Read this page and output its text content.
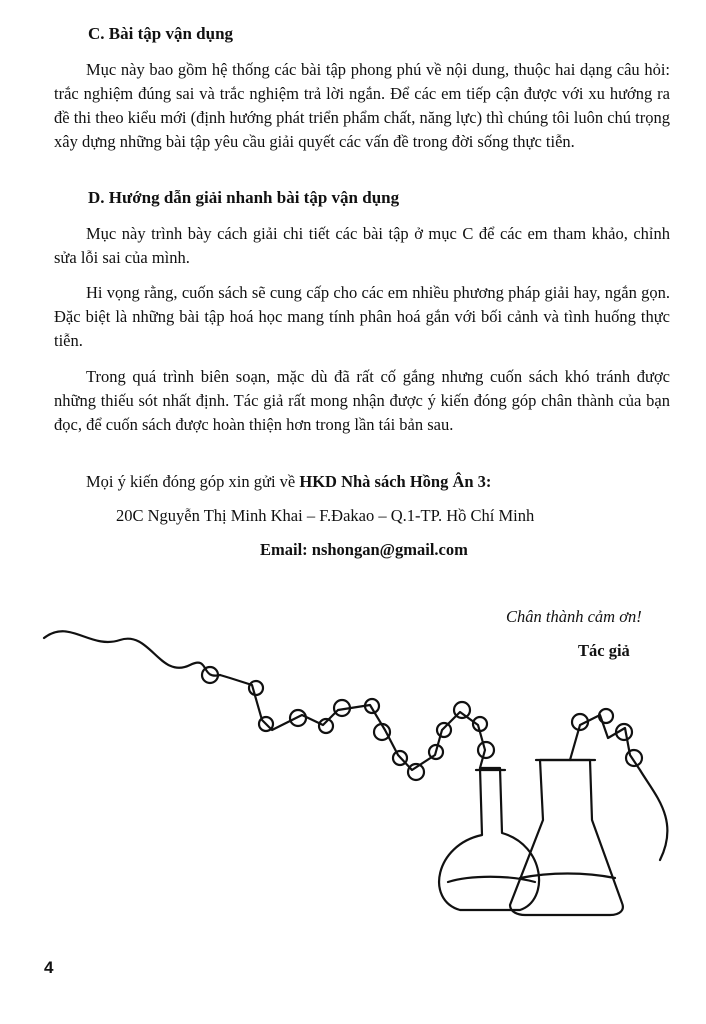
C. Bài tập vận dụng

Mục này bao gồm hệ thống các bài tập phong phú về nội dung, thuộc hai dạng câu hỏi: trắc nghiệm đúng sai và trắc nghiệm trả lời ngắn. Để các em tiếp cận được với xu hướng ra đề thi theo kiểu mới (định hướng phát triển phẩm chất, năng lực) thì chúng tôi luôn chú trọng xây dựng những bài tập yêu cầu giải quyết các vấn đề trong đời sống thực tiễn.

D. Hướng dẫn giải nhanh bài tập vận dụng

Mục này trình bày cách giải chi tiết các bài tập ở mục C để các em tham khảo, chỉnh sửa lỗi sai của mình.

Hi vọng rằng, cuốn sách sẽ cung cấp cho các em nhiều phương pháp giải hay, ngắn gọn. Đặc biệt là những bài tập hoá học mang tính phân hoá gắn với bối cảnh và tình huống thực tiễn.

Trong quá trình biên soạn, mặc dù đã rất cố gắng nhưng cuốn sách khó tránh được những thiếu sót nhất định. Tác giả rất mong nhận được ý kiến đóng góp chân thành của bạn đọc, để cuốn sách được hoàn thiện hơn trong lần tái bản sau.

Mọi ý kiến đóng góp xin gửi về HKD Nhà sách Hồng Ân 3:

20C Nguyễn Thị Minh Khai – F.Đakao – Q.1-TP. Hồ Chí Minh

Email: nshongan@gmail.com

Chân thành cảm ơn!

Tác giả

4
